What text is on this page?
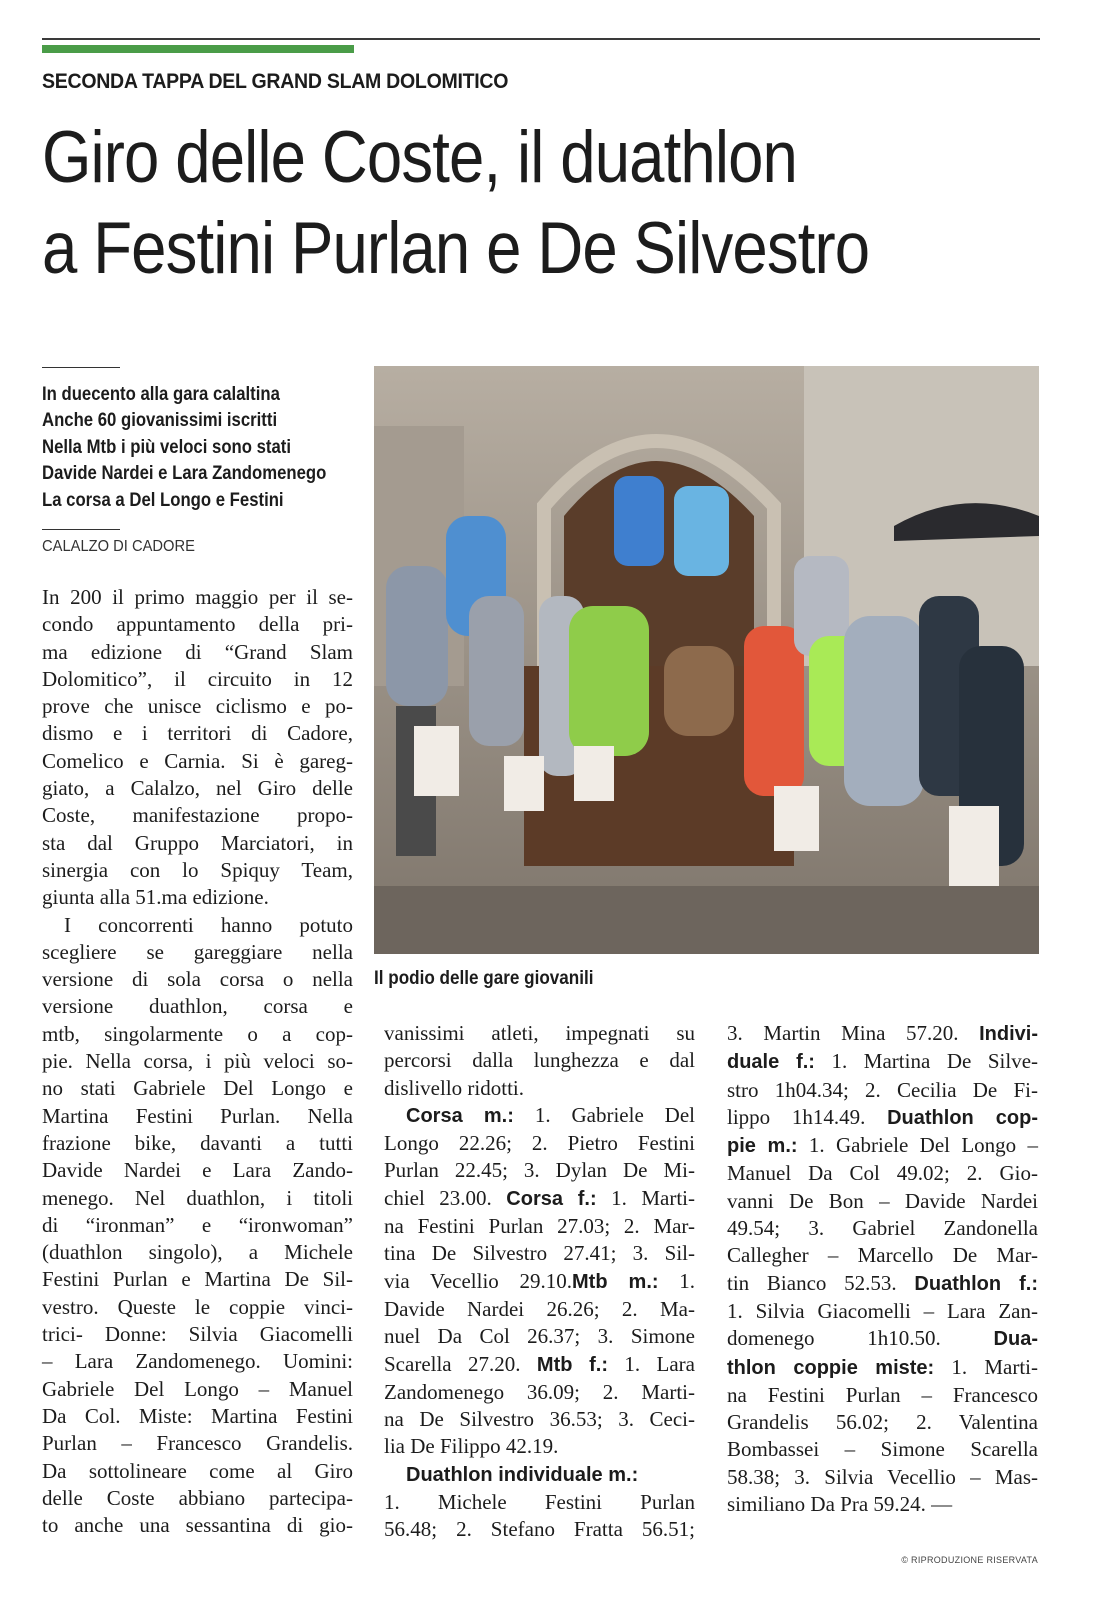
SECONDA TAPPA DEL GRAND SLAM DOLOMITICO
Giro delle Coste, il duathlon
a Festini Purlan e De Silvestro
In duecento alla gara calaltina
Anche 60 giovanissimi iscritti
Nella Mtb i più veloci sono stati
Davide Nardei e Lara Zandomenego
La corsa a Del Longo e Festini
CALALZO DI CADORE
In 200 il primo maggio per il se-
condo appuntamento della pri-
ma edizione di “Grand Slam
Dolomitico”, il circuito in 12
prove che unisce ciclismo e po-
dismo e i territori di Cadore,
Comelico e Carnia. Si è gareg-
giato, a Calalzo, nel Giro delle
Coste, manifestazione propo-
sta dal Gruppo Marciatori, in
sinergia con lo Spiquy Team,
giunta alla 51.ma edizione.
I concorrenti hanno potuto
scegliere se gareggiare nella
versione di sola corsa o nella
versione duathlon, corsa e
mtb, singolarmente o a cop-
pie. Nella corsa, i più veloci so-
no stati Gabriele Del Longo e
Martina Festini Purlan. Nella
frazione bike, davanti a tutti
Davide Nardei e Lara Zando-
menego. Nel duathlon, i titoli
di “ironman” e “ironwoman”
(duathlon singolo), a Michele
Festini Purlan e Martina De Sil-
vestro. Queste le coppie vinci-
trici- Donne: Silvia Giacomelli
– Lara Zandomenego. Uomini:
Gabriele Del Longo – Manuel
Da Col. Miste: Martina Festini
Purlan – Francesco Grandelis.
Da sottolineare come al Giro
delle Coste abbiano partecipa-
to anche una sessantina di gio-
Il podio delle gare giovanili
vanissimi atleti, impegnati su
percorsi dalla lunghezza e dal
dislivello ridotti.
Corsa m.: 1. Gabriele Del
Longo 22.26; 2. Pietro Festini
Purlan 22.45; 3. Dylan De Mi-
chiel 23.00. Corsa f.: 1. Marti-
na Festini Purlan 27.03; 2. Mar-
tina De Silvestro 27.41; 3. Sil-
via Vecellio 29.10.Mtb m.: 1.
Davide Nardei 26.26; 2. Ma-
nuel Da Col 26.37; 3. Simone
Scarella 27.20. Mtb f.: 1. Lara
Zandomenego 36.09; 2. Marti-
na De Silvestro 36.53; 3. Ceci-
lia De Filippo 42.19.
Duathlon individuale m.:
1. Michele Festini Purlan
56.48; 2. Stefano Fratta 56.51;
3. Martin Mina 57.20. Indivi-
duale f.: 1. Martina De Silve-
stro 1h04.34; 2. Cecilia De Fi-
lippo 1h14.49. Duathlon cop-
pie m.: 1. Gabriele Del Longo –
Manuel Da Col 49.02; 2. Gio-
vanni De Bon – Davide Nardei
49.54; 3. Gabriel Zandonella
Callegher – Marcello De Mar-
tin Bianco 52.53. Duathlon f.:
1. Silvia Giacomelli – Lara Zan-
domenego 1h10.50. Dua-
thlon coppie miste: 1. Marti-
na Festini Purlan – Francesco
Grandelis 56.02; 2. Valentina
Bombassei – Simone Scarella
58.38; 3. Silvia Vecellio – Mas-
similiano Da Pra 59.24. —
© RIPRODUZIONE RISERVATA
